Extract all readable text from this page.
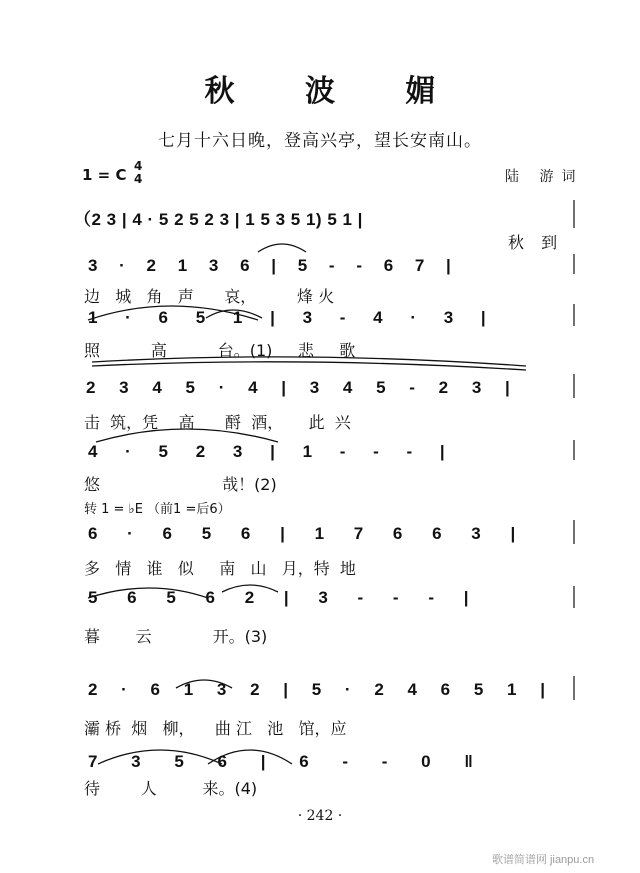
秋 波 媚
七月十六日晚，登高兴亭，望长安南山。
1 = C 4
4	陆 游词
（2 3 | 4 · 5 2 5 2 3 | 1 5 3 5 1) 5 1 |
秋 到
3 · 2 1 3 6 | 5 - - 6 7 |
边   城   角   声      哀，        烽 火
1 · 6 5 1 | 3 - 4 · 3 |
照          高          台。(1)     悲     歌
2 3 4 5 · 4 | 3 4 5 - 2 3 |
击  筑，凭    高      酹  酒，     此  兴
4 · 5 2 3 | 1 - - - |
悠                        哉！(2)
转 1 = ♭E （前1 =后6）
6 · 6 5 6 | 1 7 6 6 3 |
多   情   谁   似     南   山   月，特  地
5 6 5 6 2 | 3 - - - |
暮       云            开。(3)
2 · 6 1 3 2 | 5 · 2 4 6 5 1 |
灞 桥  烟   柳，    曲 江   池   馆，应
7 3 5 6 | 6 - - 0 ‖
待        人         来。(4)
· 242 ·
歌谱简谱网 jianpu.cn
